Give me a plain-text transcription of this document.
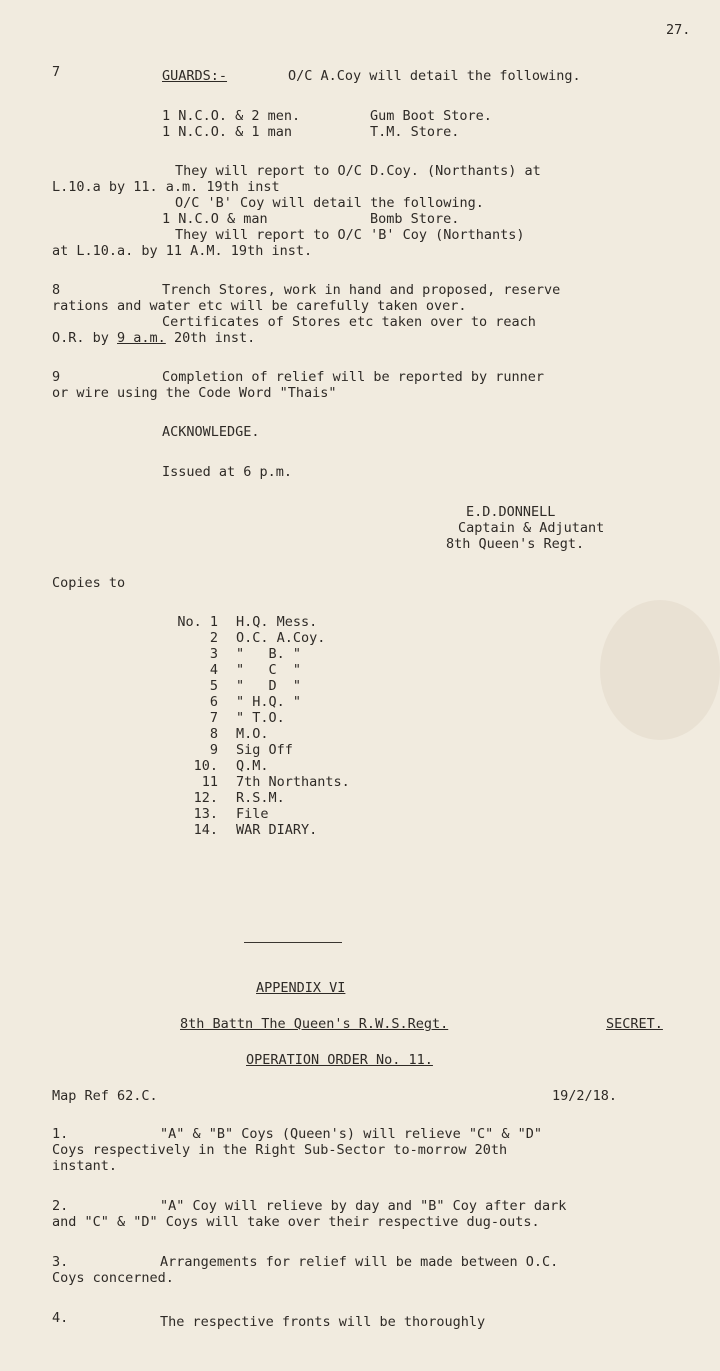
27.
7	GUARDS:-	O/C A.Coy will detail the following.
1 N.C.O. & 2 men.	Gum Boot Store.
1 N.C.O. & 1 man	T.M. Store.
They will report to O/C D.Coy. (Northants) at
L.10.a by 11. a.m. 19th inst
O/C 'B' Coy will detail the following.
1 N.C.O & man	Bomb Store.
They will report to O/C 'B' Coy (Northants)
at L.10.a. by 11 A.M. 19th inst.
8	Trench Stores, work in hand and proposed, reserve
rations and water etc will be carefully taken over.
Certificates of Stores etc taken over to reach
O.R. by 9 a.m. 20th inst.
9	Completion of relief will be reported by runner
or wire using the Code Word "Thais"
ACKNOWLEDGE.
Issued at 6 p.m.
E.D.DONNELL
Captain & Adjutant
8th Queen's Regt.
Copies to
No. 1 H.Q. Mess.
2 O.C. A.Coy.
3 "   B. "
4 "   C  "
5 "   D  "
6 " H.Q. "
7 " T.O.
8 M.O.
9 Sig Off
10. Q.M.
11 7th Northants.
12. R.S.M.
13. File
14. WAR DIARY.
APPENDIX VI
8th Battn The Queen's R.W.S.Regt.	SECRET.
OPERATION ORDER No. 11.
Map Ref 62.C.	19/2/18.
1.	"A" & "B" Coys (Queen's) will relieve "C" & "D"
Coys respectively in the Right Sub-Sector to-morrow 20th
instant.
2.	"A" Coy will relieve by day and "B" Coy after dark
and "C" & "D" Coys will take over their respective dug-outs.
3.	Arrangements for relief will be made between O.C.
Coys concerned.
4.	The respective fronts will be thoroughly
